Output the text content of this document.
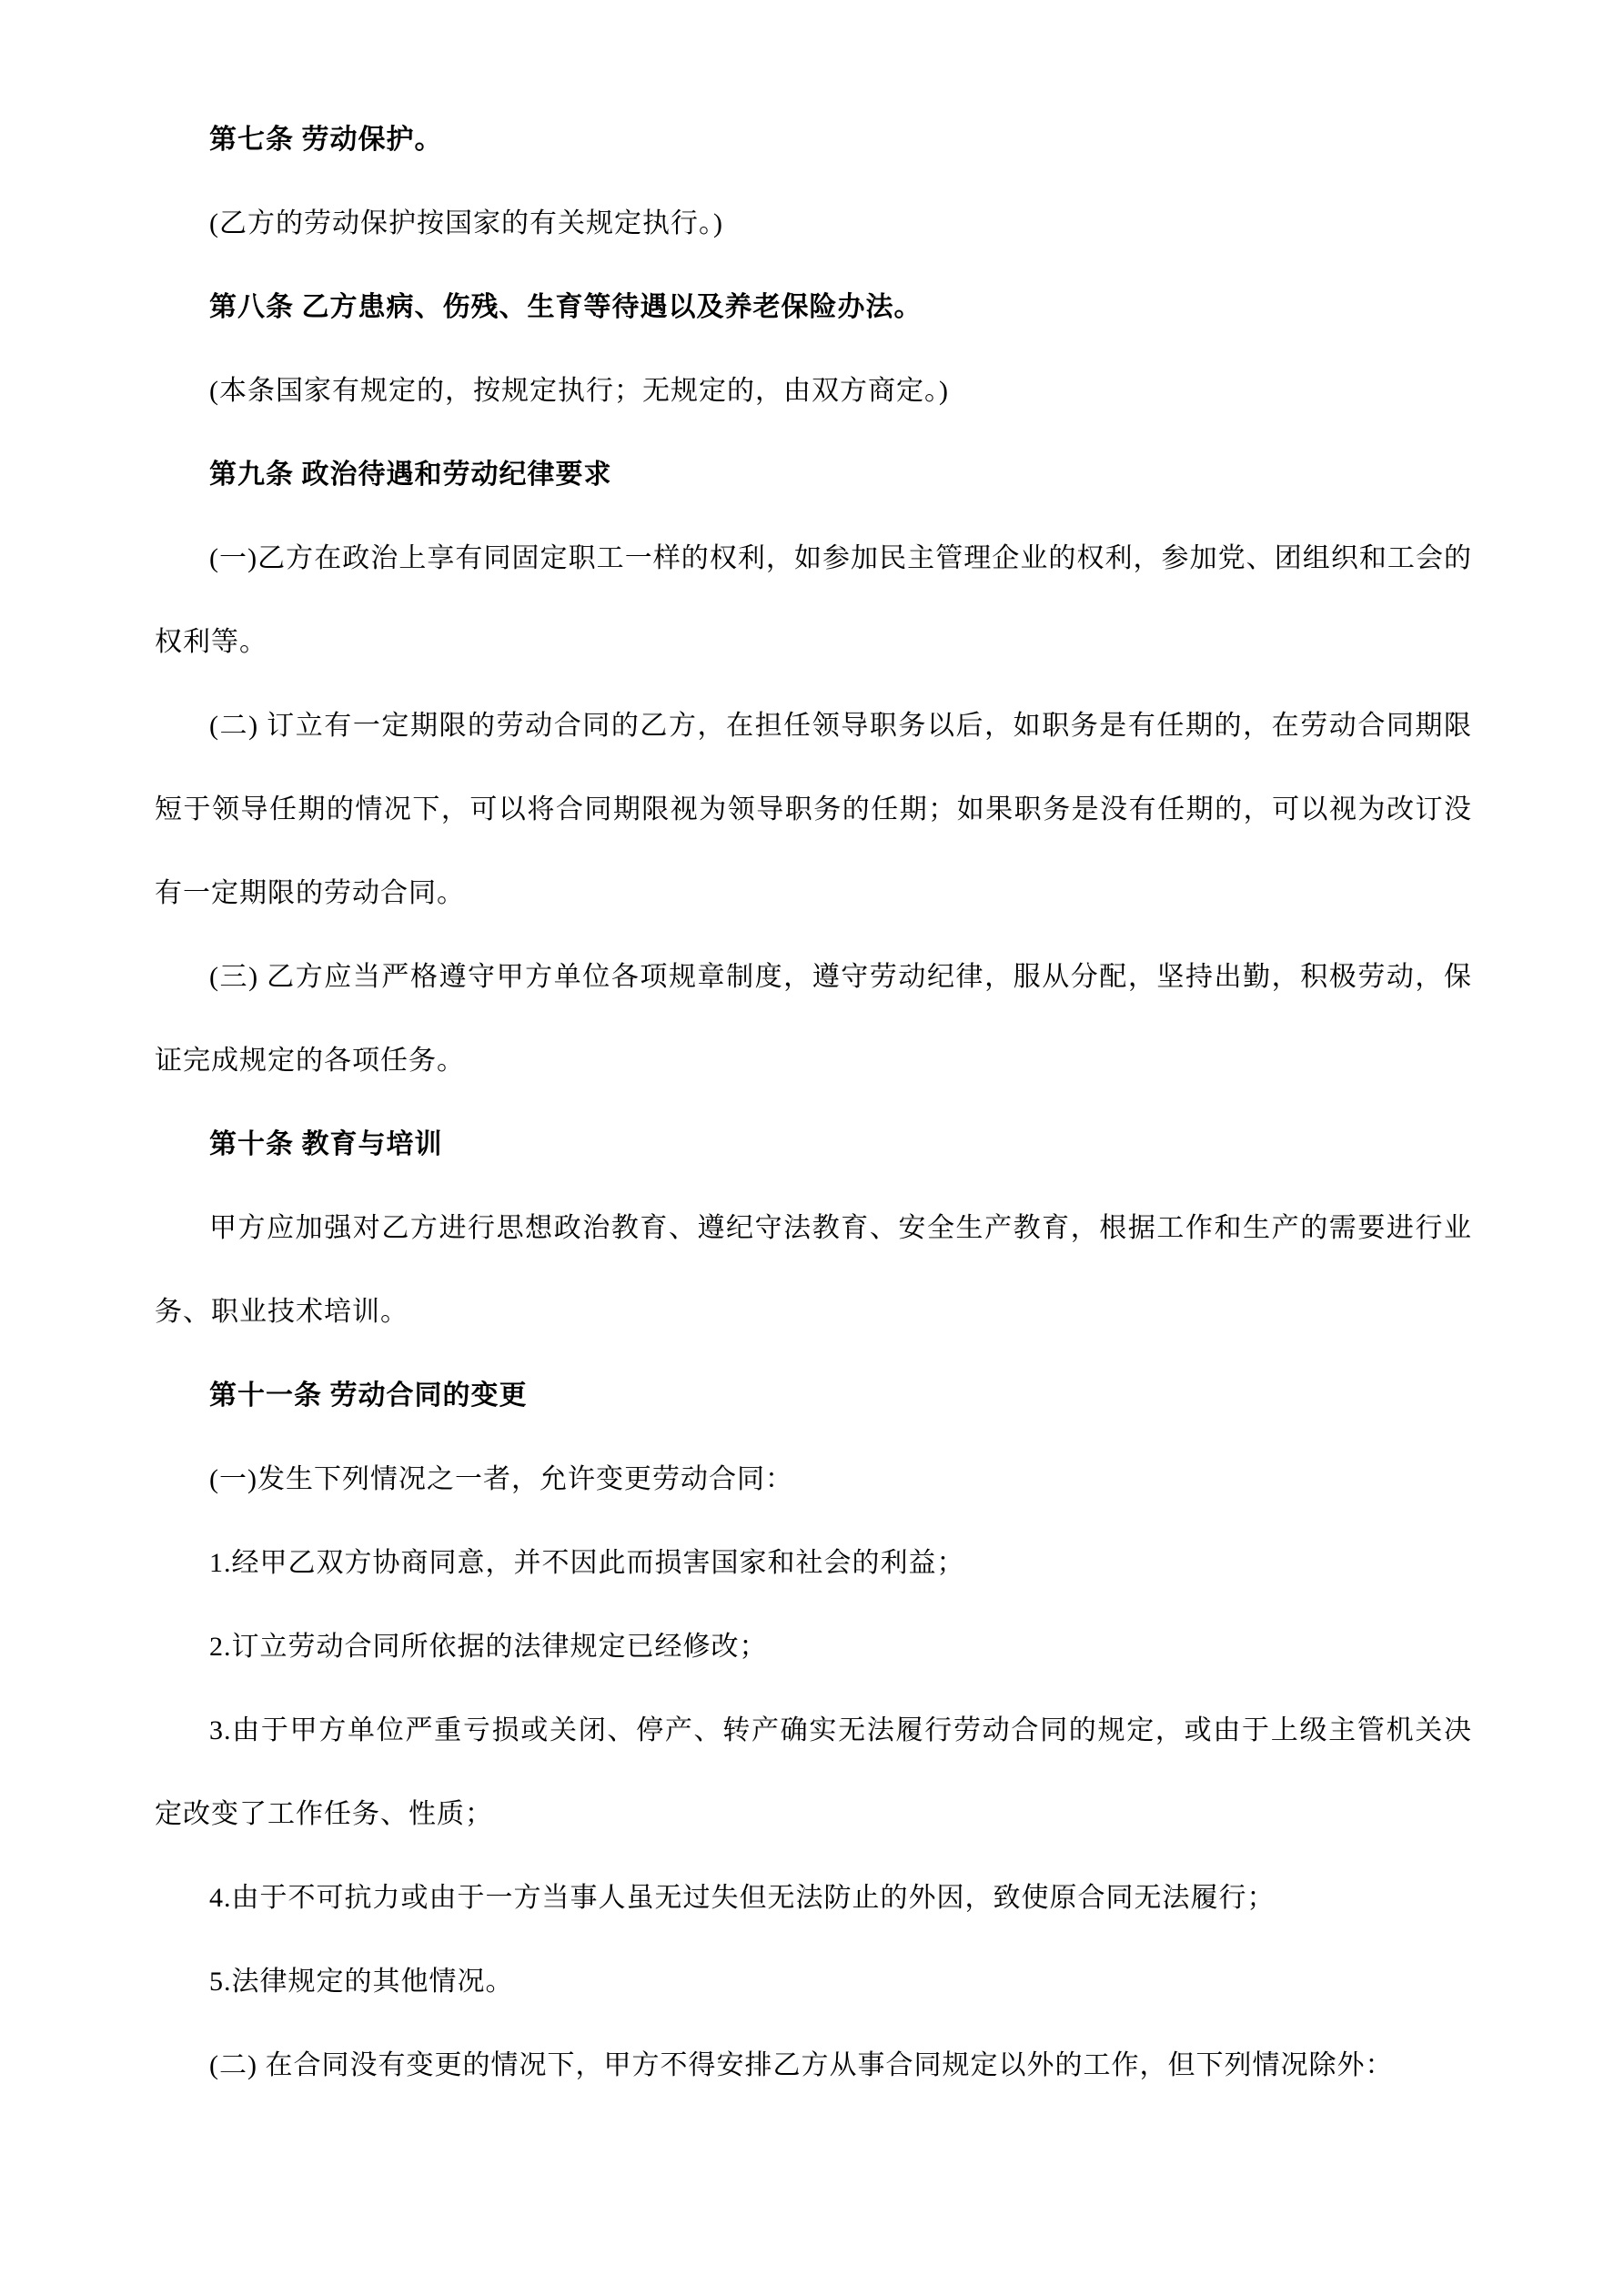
第七条 劳动保护。

(乙方的劳动保护按国家的有关规定执行。)

第八条 乙方患病、伤残、生育等待遇以及养老保险办法。

(本条国家有规定的，按规定执行；无规定的，由双方商定。)

第九条 政治待遇和劳动纪律要求

(一)乙方在政治上享有同固定职工一样的权利，如参加民主管理企业的权利，参加党、团组织和工会的权利等。

(二) 订立有一定期限的劳动合同的乙方，在担任领导职务以后，如职务是有任期的，在劳动合同期限短于领导任期的情况下，可以将合同期限视为领导职务的任期；如果职务是没有任期的，可以视为改订没有一定期限的劳动合同。

(三) 乙方应当严格遵守甲方单位各项规章制度，遵守劳动纪律，服从分配，坚持出勤，积极劳动，保证完成规定的各项任务。

第十条 教育与培训

甲方应加强对乙方进行思想政治教育、遵纪守法教育、安全生产教育，根据工作和生产的需要进行业务、职业技术培训。

第十一条 劳动合同的变更

(一)发生下列情况之一者，允许变更劳动合同：

1.经甲乙双方协商同意，并不因此而损害国家和社会的利益；

2.订立劳动合同所依据的法律规定已经修改；

3.由于甲方单位严重亏损或关闭、停产、转产确实无法履行劳动合同的规定，或由于上级主管机关决定改变了工作任务、性质；

4.由于不可抗力或由于一方当事人虽无过失但无法防止的外因，致使原合同无法履行；

5.法律规定的其他情况。

(二) 在合同没有变更的情况下，甲方不得安排乙方从事合同规定以外的工作，但下列情况除外：
